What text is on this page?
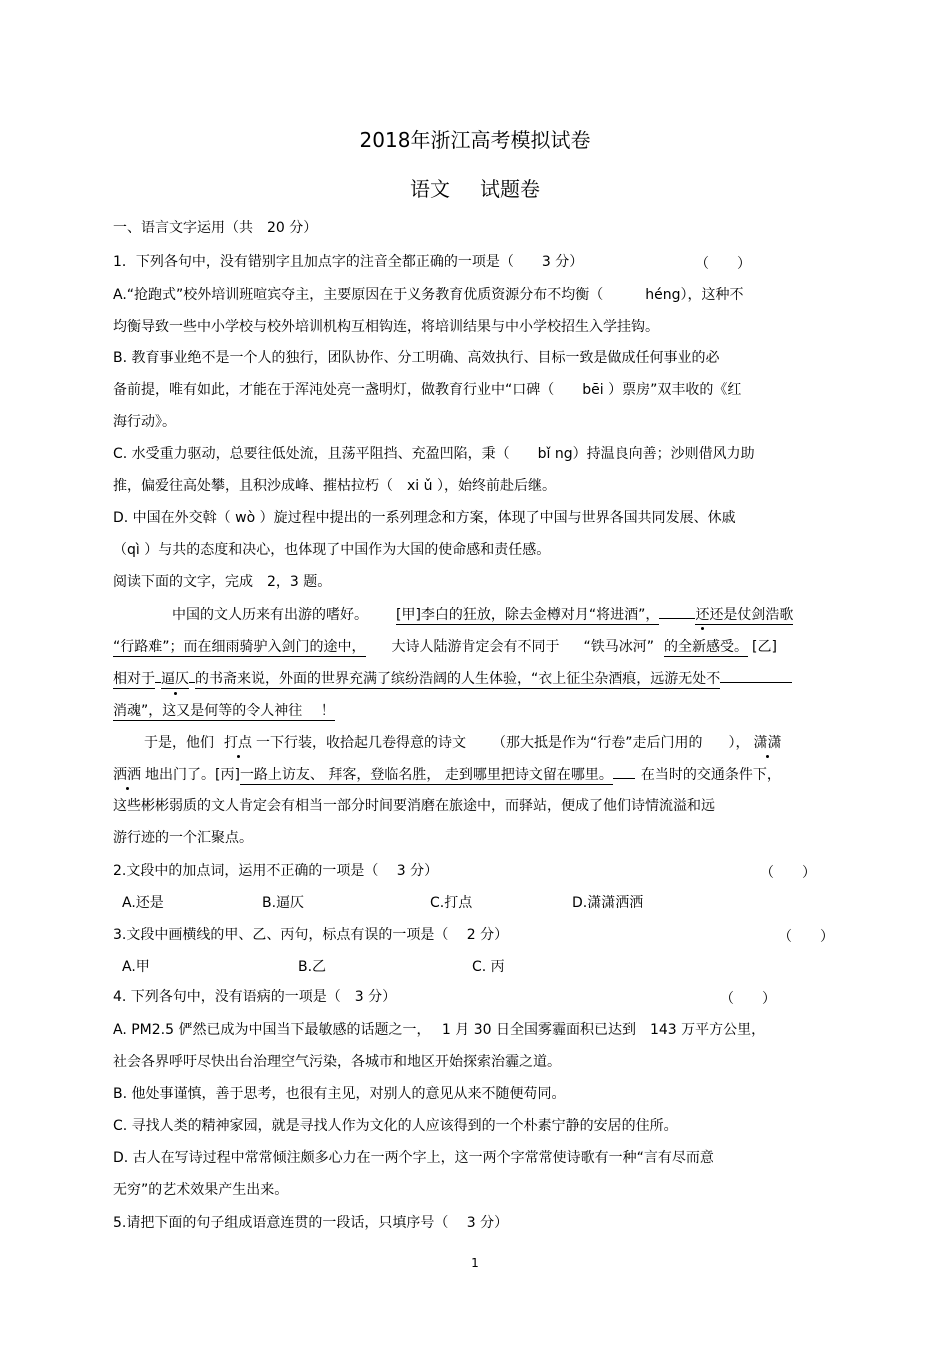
2018年浙江高考模拟试卷
语文 试题卷
一、语言文字运用（共　20 分）
1．下列各句中，没有错别字且加点字的注音全都正确的一项是（　　3 分）	（　　）
A.“抢跑式”校外培训班喧宾夺主，主要原因在于义务教育优质资源分布不均衡（　　　héng），这种不
均衡导致一些中小学校与校外培训机构互相钩连，将培训结果与中小学校招生入学挂钩。
B. 教育事业绝不是一个人的独行，团队协作、分工明确、高效执行、目标一致是做成任何事业的必
备前提，唯有如此，才能在于浑沌处亮一盏明灯，做教育行业中“口碑（　　bēi ）票房”双丰收的《红
海行动》。
C. 水受重力驱动，总要往低处流，且荡平阻挡、充盈凹陷，秉（　　bǐ ng）持温良向善；沙则借风力助
推，偏爱往高处攀，且积沙成峰、摧枯拉朽（　xi ǔ ），始终前赴后继。
D. 中国在外交斡（ wò ）旋过程中提出的一系列理念和方案，体现了中国与世界各国共同发展、休戚
（qì ）与共的态度和决心，也体现了中国作为大国的使命感和责任感。
阅读下面的文字，完成　2，3 题。
中国的文人历来有出游的嗜好。 [甲]李白的狂放，除去金樽对月“将进酒”，	还还是仗剑浩歌
“行路难”；而在细雨骑驴入剑门的途中， 大诗人陆游肯定会有不同于 “铁马冰河” 的全新感受。 [乙]
相对于 逼仄 的书斋来说，外面的世界充满了缤纷浩阔的人生体验，“衣上征尘杂酒痕，远游无处不
消魂”，这又是何等的令人神往　 ！
于是，他们 打点 一下行装，收拾起几卷得意的诗文 （那大抵是作为“行卷”走后门用的 ）， 潇潇
洒洒 地出门了。[丙]一路上访友、 拜客，登临名胜， 走到哪里把诗文留在哪里。 在当时的交通条件下，
这些彬彬弱质的文人肯定会有相当一部分时间要消磨在旅途中，而驿站，便成了他们诗情流溢和远
游行迹的一个汇聚点。
2.文段中的加点词，运用不正确的一项是（　 3 分）	（　　）
A.还是	B.逼仄	C.打点	D.潇潇洒洒
3.文段中画横线的甲、乙、丙句，标点有误的一项是（　 2 分）	（　　）
A.甲	B.乙	C. 丙
4. 下列各句中，没有语病的一项是（　3 分）	（　　）
A. PM2.5 俨然已成为中国当下最敏感的话题之一，　 1 月 30 日全国雾霾面积已达到　143 万平方公里，
社会各界呼吁尽快出台治理空气污染，各城市和地区开始探索治霾之道。
B. 他处事谨慎，善于思考，也很有主见，对别人的意见从来不随便苟同。
C. 寻找人类的精神家园，就是寻找人作为文化的人应该得到的一个朴素宁静的安居的住所。
D. 古人在写诗过程中常常倾注颇多心力在一两个字上，这一两个字常常使诗歌有一种“言有尽而意
无穷”的艺术效果产生出来。
5.请把下面的句子组成语意连贯的一段话，只填序号（　 3 分）
1
